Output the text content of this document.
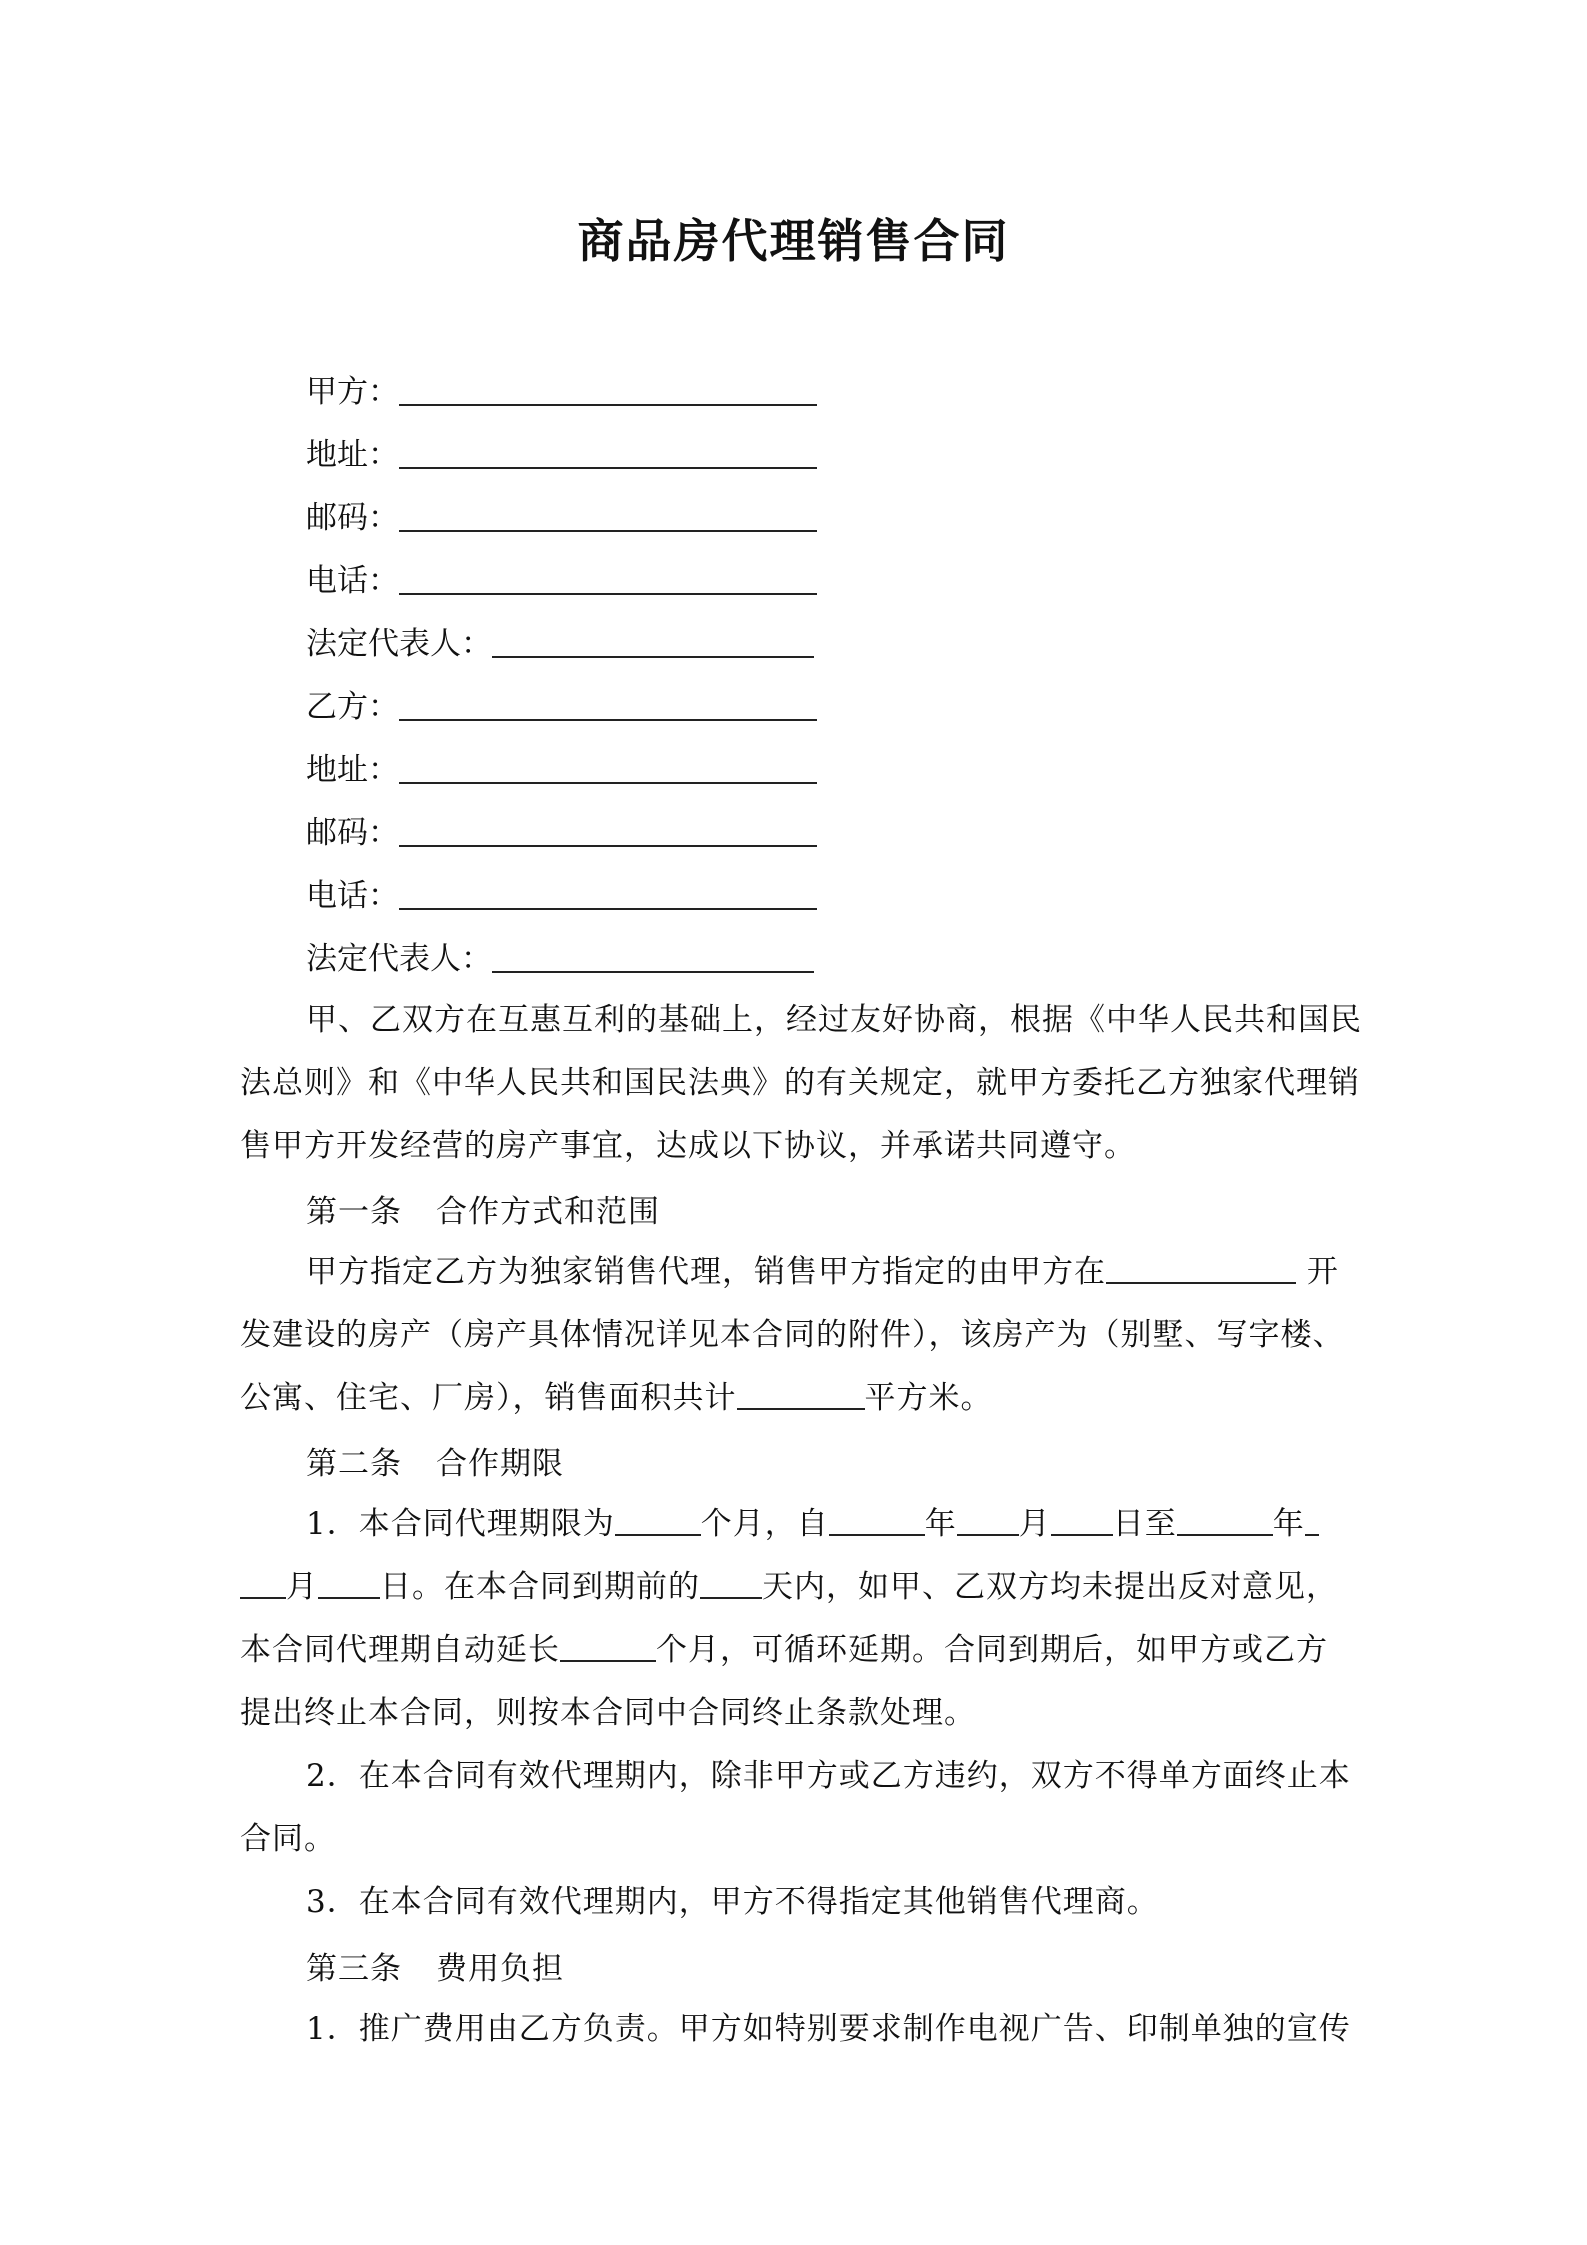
商品房代理销售合同
甲方：
地址：
邮码：
电话：
法定代表人：
乙方：
地址：
邮码：
电话：
法定代表人：
甲、乙双方在互惠互利的基础上，经过友好协商，根据《中华人民共和国民
法总则》和《中华人民共和国民法典》的有关规定，就甲方委托乙方独家代理销
售甲方开发经营的房产事宜，达成以下协议，并承诺共同遵守。
第一条 合作方式和范围
甲方指定乙方为独家销售代理，销售甲方指定的由甲方在	开
发建设的房产（房产具体情况详见本合同的附件），该房产为（别墅、写字楼、
公寓、住宅、厂房），销售面积共计	平方米。
第二条 合作期限
1．本合同代理期限为	个月，自	年 月 日至	年
月 日。在本合同到期前的 天内，如甲、乙双方均未提出反对意见，
本合同代理期自动延长	个月，可循环延期。合同到期后，如甲方或乙方
提出终止本合同，则按本合同中合同终止条款处理。
2．在本合同有效代理期内，除非甲方或乙方违约，双方不得单方面终止本
合同。
3．在本合同有效代理期内，甲方不得指定其他销售代理商。
第三条 费用负担
1．推广费用由乙方负责。甲方如特别要求制作电视广告、印制单独的宣传
